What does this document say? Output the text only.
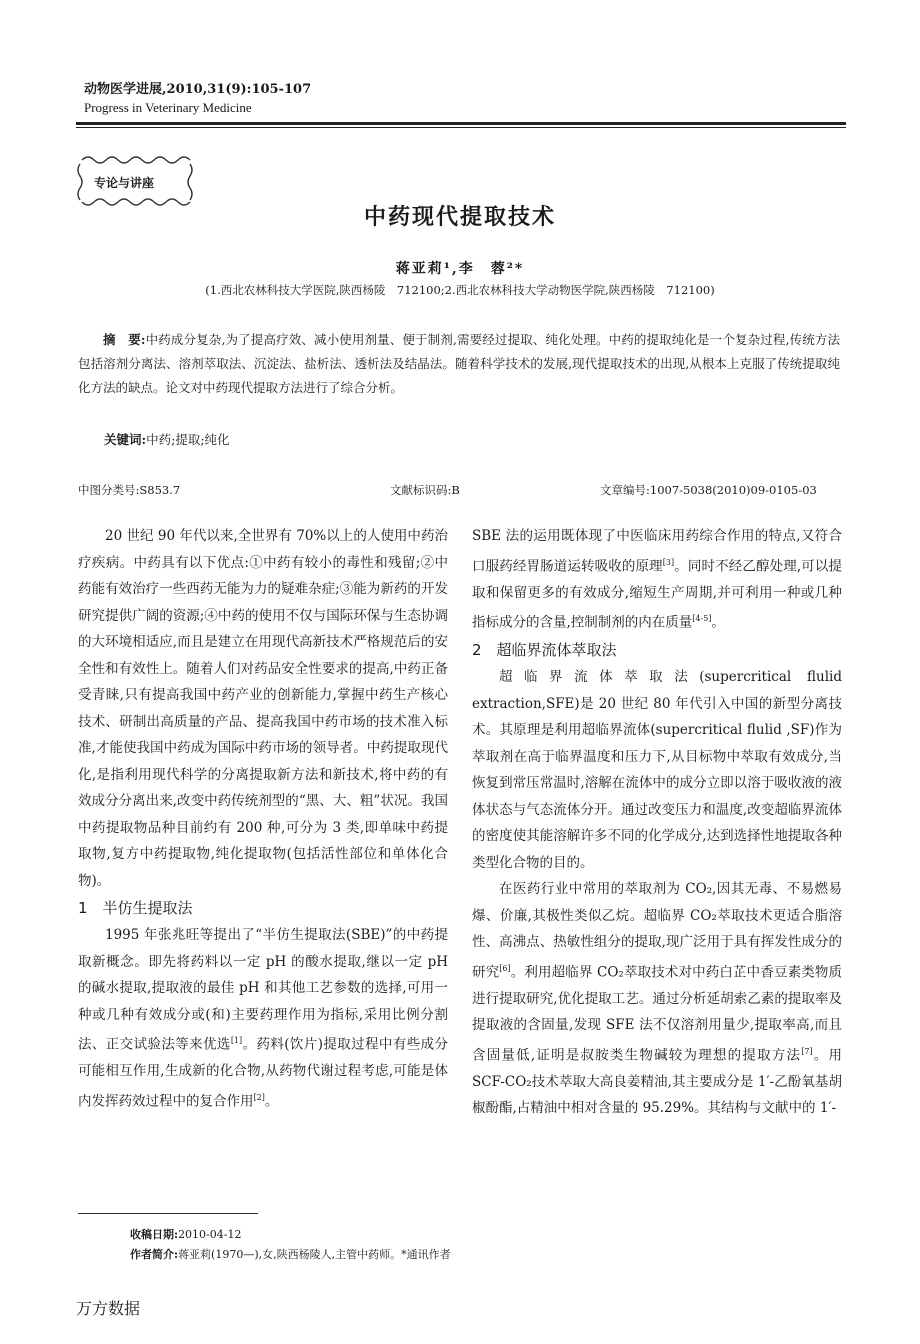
动物医学进展,2010,31(9):105-107
Progress in Veterinary Medicine
专论与讲座
中药现代提取技术
蒋亚莉¹,李　蓉²*
(1.西北农林科技大学医院,陕西杨陵　712100;2.西北农林科技大学动物医学院,陕西杨陵　712100)
摘　要:中药成分复杂,为了提高疗效、减小使用剂量、便于制剂,需要经过提取、纯化处理。中药的提取纯化是一个复杂过程,传统方法包括溶剂分离法、溶剂萃取法、沉淀法、盐析法、透析法及结晶法。随着科学技术的发展,现代提取技术的出现,从根本上克服了传统提取纯化方法的缺点。论文对中药现代提取方法进行了综合分析。
关键词:中药;提取;纯化
中图分类号:S853.7	文献标识码:B	文章编号:1007-5038(2010)09-0105-03

20 世纪 90 年代以来,全世界有 70%以上的人使用中药治疗疾病。中药具有以下优点:①中药有较小的毒性和残留;②中药能有效治疗一些西药无能为力的疑难杂症;③能为新药的开发研究提供广阔的资源;④中药的使用不仅与国际环保与生态协调的大环境相适应,而且是建立在用现代高新技术严格规范后的安全性和有效性上。随着人们对药品安全性要求的提高,中药正备受青睐,只有提高我国中药产业的创新能力,掌握中药生产核心技术、研制出高质量的产品、提高我国中药市场的技术准入标准,才能使我国中药成为国际中药市场的领导者。中药提取现代化,是指利用现代科学的分离提取新方法和新技术,将中药的有效成分分离出来,改变中药传统剂型的“黑、大、粗”状况。我国中药提取物品种目前约有 200 种,可分为 3 类,即单味中药提取物,复方中药提取物,纯化提取物(包括活性部位和单体化合物)。

1　半仿生提取法

1995 年张兆旺等提出了“半仿生提取法(SBE)”的中药提取新概念。即先将药料以一定 pH 的酸水提取,继以一定 pH 的碱水提取,提取液的最佳 pH 和其他工艺参数的选择,可用一种或几种有效成分或(和)主要药理作用为指标,采用比例分割法、正交试验法等来优选[1]。药料(饮片)提取过程中有些成分可能相互作用,生成新的化合物,从药物代谢过程考虑,可能是体内发挥药效过程中的复合作用[2]。

SBE 法的运用既体现了中医临床用药综合作用的特点,又符合口服药经胃肠道运转吸收的原理[3]。同时不经乙醇处理,可以提取和保留更多的有效成分,缩短生产周期,并可利用一种或几种指标成分的含量,控制制剂的内在质量[4-5]。

2　超临界流体萃取法

超临界流体萃取法(supercritical flulid extraction,SFE)是 20 世纪 80 年代引入中国的新型分离技术。其原理是利用超临界流体(supercritical flulid ,SF)作为萃取剂在高于临界温度和压力下,从目标物中萃取有效成分,当恢复到常压常温时,溶解在流体中的成分立即以溶于吸收液的液体状态与气态流体分开。通过改变压力和温度,改变超临界流体的密度使其能溶解许多不同的化学成分,达到选择性地提取各种类型化合物的目的。

在医药行业中常用的萃取剂为 CO₂,因其无毒、不易燃易爆、价廉,其极性类似乙烷。超临界 CO₂萃取技术更适合脂溶性、高沸点、热敏性组分的提取,现广泛用于具有挥发性成分的研究[6]。利用超临界 CO₂萃取技术对中药白芷中香豆素类物质进行提取研究,优化提取工艺。通过分析延胡索乙素的提取率及提取液的含固量,发现 SFE 法不仅溶剂用量少,提取率高,而且含固量低,证明是叔胺类生物碱较为理想的提取方法[7]。用 SCF-CO₂技术萃取大高良姜精油,其主要成分是 1′-乙酚氧基胡椒酚酯,占精油中相对含量的 95.29%。其结构与文献中的 1′-

收稿日期:2010-04-12
作者简介:蒋亚莉(1970—),女,陕西杨陵人,主管中药师。*通讯作者
万方数据
